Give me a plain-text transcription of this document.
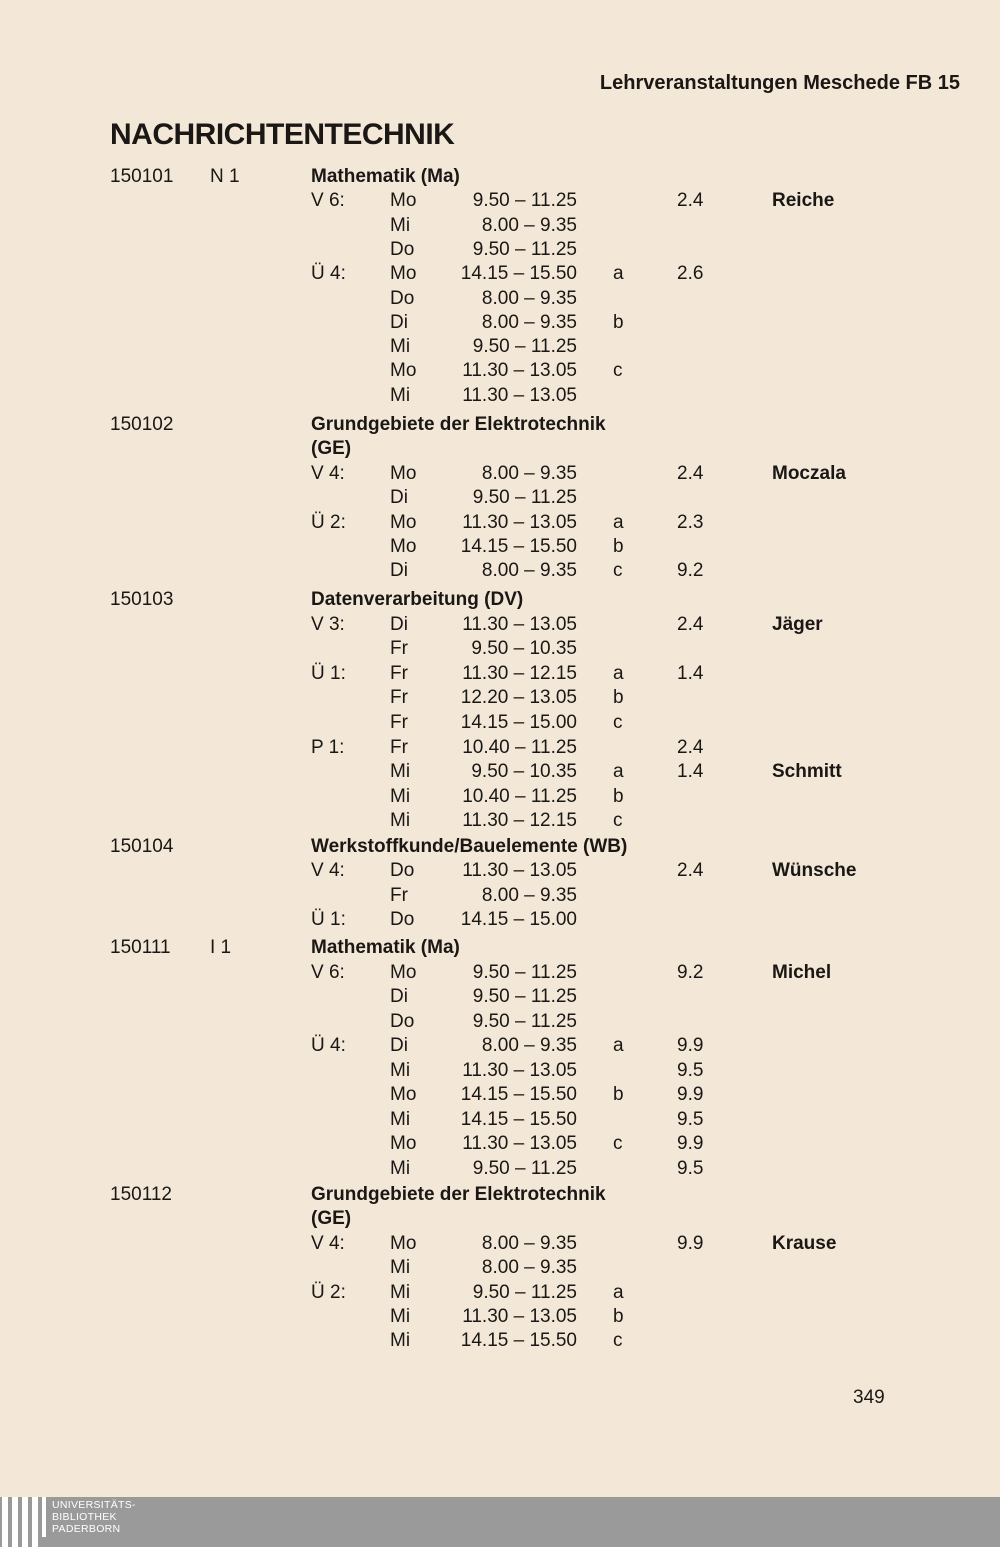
Lehrveranstaltungen Meschede FB 15
NACHRICHTENTECHNIK
150101 N 1	Mathematik (Ma)
V 6: Mo	9.50 – 11.25	2.4	Reiche
Mi	8.00 – 9.35
Do	9.50 – 11.25
Ü 4: Mo	14.15 – 15.50 a	2.6
Do	8.00 – 9.35
Di	8.00 – 9.35 b
Mi	9.50 – 11.25
Mo	11.30 – 13.05 c
Mi	11.30 – 13.05
150102	Grundgebiete der Elektrotechnik
(GE)
V 4: Mo	8.00 – 9.35	2.4	Moczala
Di	9.50 – 11.25
Ü 2: Mo	11.30 – 13.05 a	2.3
Mo	14.15 – 15.50 b
Di	8.00 – 9.35 c	9.2
150103	Datenverarbeitung (DV)
V 3: Di	11.30 – 13.05	2.4	Jäger
Fr	9.50 – 10.35
Ü 1: Fr	11.30 – 12.15 a	1.4
Fr	12.20 – 13.05 b
Fr	14.15 – 15.00 c
P 1: Fr	10.40 – 11.25	2.4
Mi	9.50 – 10.35 a	1.4	Schmitt
Mi	10.40 – 11.25 b
Mi	11.30 – 12.15 c
150104	Werkstoffkunde/Bauelemente (WB)
V 4: Do	11.30 – 13.05	2.4	Wünsche
Fr	8.00 – 9.35
Ü 1: Do	14.15 – 15.00
150111 I 1	Mathematik (Ma)
V 6: Mo	9.50 – 11.25	9.2	Michel
Di	9.50 – 11.25
Do	9.50 – 11.25
Ü 4: Di	8.00 – 9.35 a	9.9
Mi	11.30 – 13.05	9.5
Mo	14.15 – 15.50 b	9.9
Mi	14.15 – 15.50	9.5
Mo	11.30 – 13.05 c	9.9
Mi	9.50 – 11.25	9.5
150112	Grundgebiete der Elektrotechnik
(GE)
V 4: Mo	8.00 – 9.35	9.9	Krause
Mi	8.00 – 9.35
Ü 2: Mi	9.50 – 11.25 a
Mi	11.30 – 13.05 b
Mi	14.15 – 15.50 c
349
UNIVERSITÄTS-
BIBLIOTHEK
PADERBORN
